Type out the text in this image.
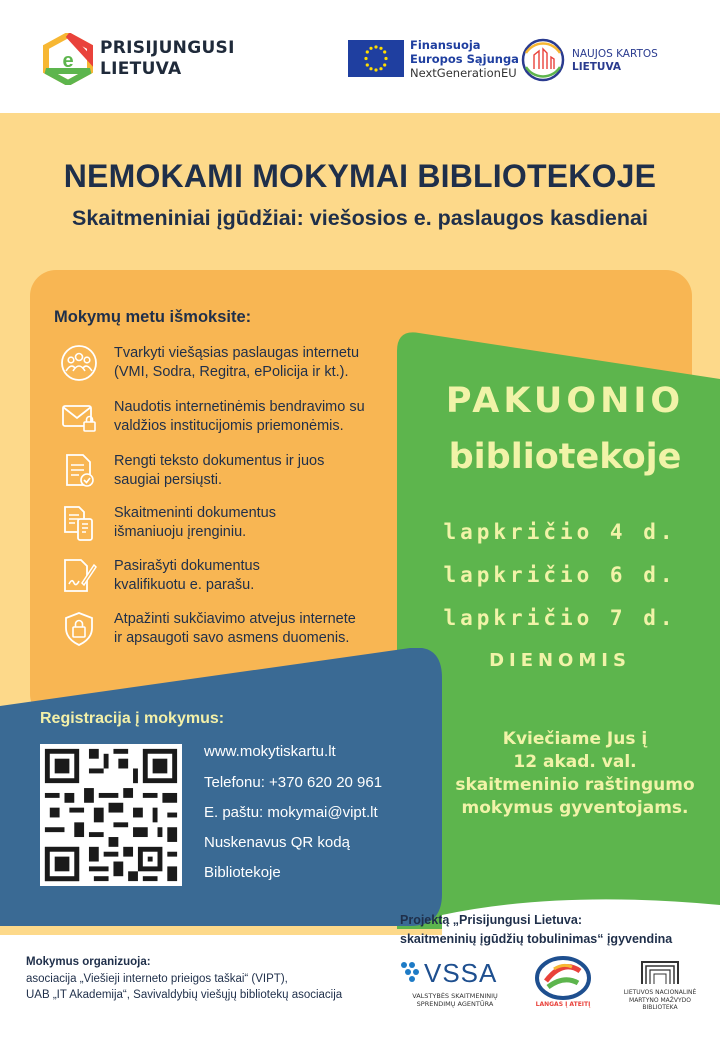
e
PRISIJUNGUSI
LIETUVA
Finansuoja
Europos Sąjunga
NextGenerationEU
NAUJOS KARTOS
LIETUVA
NEMOKAMI MOKYMAI BIBLIOTEKOJE
Skaitmeniniai įgūdžiai: viešosios e. paslaugos kasdienai
Mokymų metu išmoksite:
Tvarkyti viešąsias paslaugas internetu
(VMI, Sodra, Regitra, ePolicija ir kt.).
Naudotis internetinėmis bendravimo su
valdžios institucijomis priemonėmis.
Rengti teksto dokumentus ir juos
saugiai persiųsti.
Skaitmeninti dokumentus
išmaniuoju įrenginiu.
Pasirašyti dokumentus
kvalifikuotu e. parašu.
Atpažinti sukčiavimo atvejus internete
ir apsaugoti savo asmens duomenis.
PAKUONIO
bibliotekoje
lapkričio 4 d.
lapkričio 6 d.
lapkričio 7 d.
DIENOMIS
Kviečiame Jus į
12 akad. val.
skaitmeninio raštingumo
mokymus gyventojams.
Registracija į mokymus:
www.mokytiskartu.lt
Telefonu: +370 620 20 961
E. paštu: mokymai@vipt.lt
Nuskenavus QR kodą
Bibliotekoje
Projektą „Prisijungusi Lietuva:
skaitmeninių įgūdžių tobulinimas“ įgyvendina
Mokymus organizuoja:
asociacija „Viešieji interneto prieigos taškai“ (VIPT),
UAB „IT Akademija“, Savivaldybių viešųjų bibliotekų asociacija
VSSA
VALSTYBĖS SKAITMENINIŲ
SPRENDIMŲ AGENTŪRA	LANGAS Į ATEITĮ
LIETUVOS NACIONALINĖ
MARTYNO MAŽVYDO
BIBLIOTEKA
